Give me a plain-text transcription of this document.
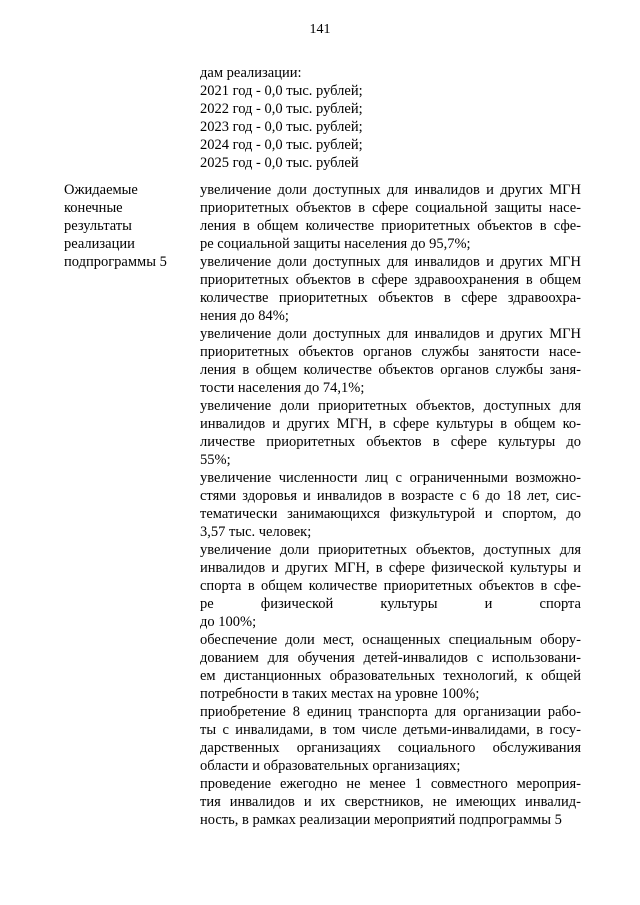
141
дам реализации:
2021 год - 0,0 тыс. рублей;
2022 год - 0,0 тыс. рублей;
2023 год - 0,0 тыс. рублей;
2024 год - 0,0 тыс. рублей;
2025 год - 0,0 тыс. рублей
Ожидаемые
конечные
результаты
реализации
подпрограммы 5
увеличение доли доступных для инвалидов и других МГН
приоритетных объектов в сфере социальной защиты насе-
ления в общем количестве приоритетных объектов в сфе-
ре социальной защиты населения до 95,7%;
увеличение доли доступных для инвалидов и других МГН
приоритетных объектов в сфере здравоохранения в общем
количестве приоритетных объектов в сфере здравоохра-
нения до 84%;
увеличение доли доступных для инвалидов и других МГН
приоритетных объектов органов службы занятости насе-
ления в общем количестве объектов органов службы заня-
тости населения до 74,1%;
увеличение доли приоритетных объектов, доступных для
инвалидов и других МГН, в сфере культуры в общем ко-
личестве приоритетных объектов в сфере культуры до
55%;
увеличение численности лиц с ограниченными возможно-
стями здоровья и инвалидов в возрасте с 6 до 18 лет, сис-
тематически занимающихся физкультурой и спортом, до
3,57 тыс. человек;
увеличение доли приоритетных объектов, доступных для
инвалидов и других МГН, в сфере физической культуры и
спорта в общем количестве приоритетных объектов в сфе-
ре физической культуры и спорта
до 100%;
обеспечение доли мест, оснащенных специальным обору-
дованием для обучения детей-инвалидов с использовани-
ем дистанционных образовательных технологий, к общей
потребности в таких местах на уровне 100%;
приобретение 8 единиц транспорта для организации рабо-
ты с инвалидами, в том числе детьми-инвалидами, в госу-
дарственных организациях социального обслуживания
области и образовательных организациях;
проведение ежегодно не менее 1 совместного мероприя-
тия инвалидов и их сверстников, не имеющих инвалид-
ность, в рамках реализации мероприятий подпрограммы 5
